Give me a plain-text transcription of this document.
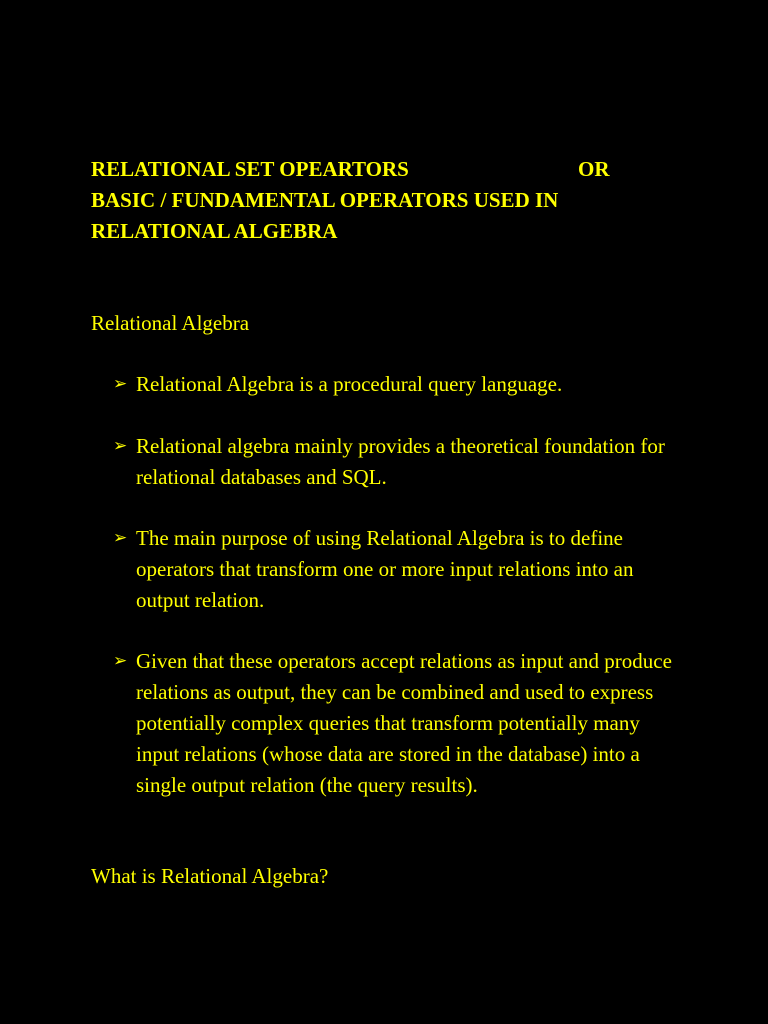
RELATIONAL SET OPEARTORS	OR
BASIC / FUNDAMENTAL OPERATORS USED IN
RELATIONAL ALGEBRA
Relational Algebra
➢ Relational Algebra is a procedural query language.
➢ Relational algebra mainly provides a theoretical foundation for relational databases and SQL.
➢ The main purpose of using Relational Algebra is to define operators that transform one or more input relations into an output relation.
➢ Given that these operators accept relations as input and produce relations as output, they can be combined and used to express potentially complex queries that transform potentially many input relations (whose data are stored in the database) into a single output relation (the query results).
What is Relational Algebra?
